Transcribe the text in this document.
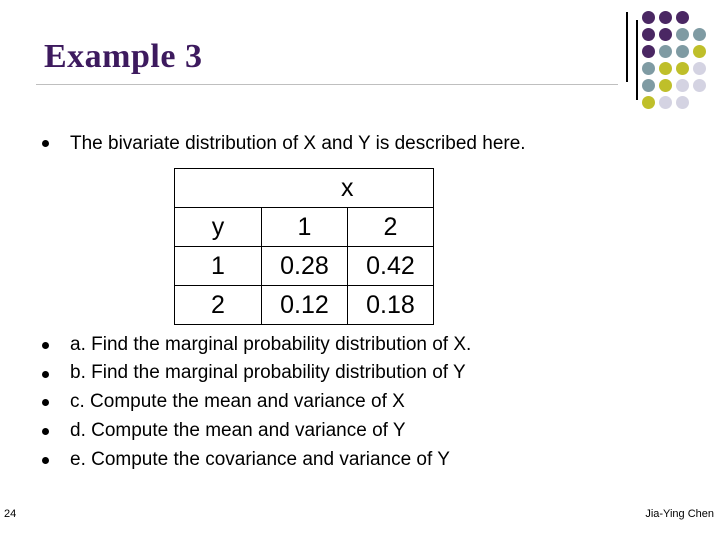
Example 3
The bivariate distribution of X and Y is described here.
	x	
y	1	2
1	0.28	0.42
2	0.12	0.18
a. Find the marginal probability distribution of X.
b. Find the marginal probability distribution of Y
c. Compute the mean and variance of X
d. Compute the mean and variance of Y
e. Compute the covariance and variance of Y
24	Jia-Ying Chen
